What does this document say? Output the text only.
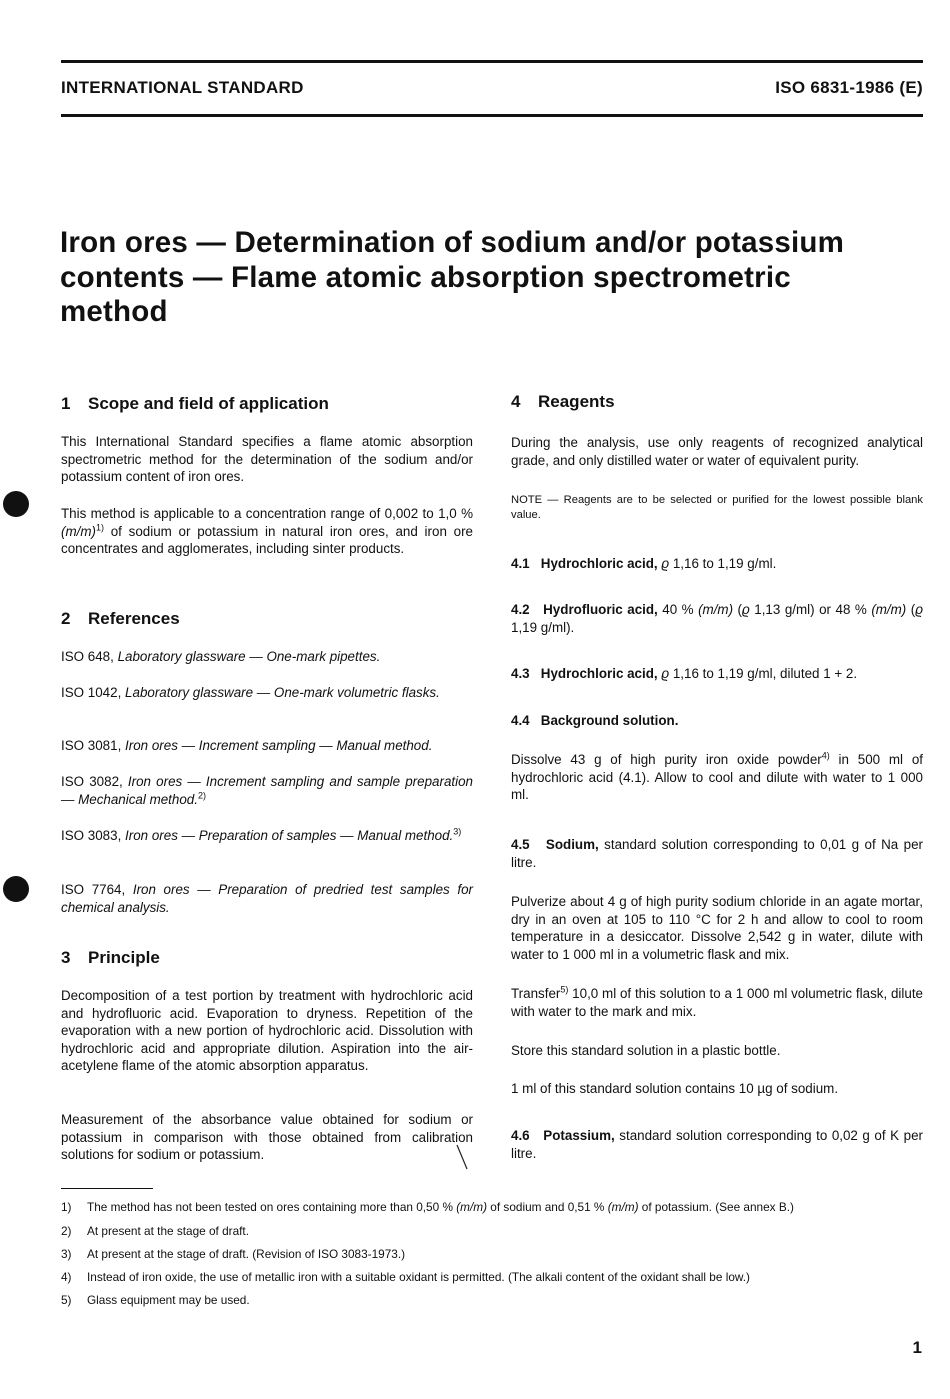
INTERNATIONAL STANDARD	ISO 6831-1986 (E)
Iron ores — Determination of sodium and/or potassium
contents — Flame atomic absorption spectrometric
method
1 Scope and field of application

This International Standard specifies a flame atomic absorption spectrometric method for the determination of the sodium and/or potassium content of iron ores.

This method is applicable to a concentration range of 0,002 to 1,0 % $(m/m)^{1)}$ of sodium or potassium in natural iron ores, and iron ore concentrates and agglomerates, including sinter products.

2 References

ISO 648, Laboratory glassware — One-mark pipettes.

ISO 1042, Laboratory glassware — One-mark volumetric flasks.

ISO 3081, Iron ores — Increment sampling — Manual method.

ISO 3082, Iron ores — Increment sampling and sample preparation — Mechanical method.$^{2)}$

ISO 3083, Iron ores — Preparation of samples — Manual method.$^{3)}$

ISO 7764, Iron ores — Preparation of predried test samples for chemical analysis.

3 Principle

Decomposition of a test portion by treatment with hydrochloric acid and hydrofluoric acid. Evaporation to dryness. Repetition of the evaporation with a new portion of hydrochloric acid. Dissolution with hydrochloric acid and appropriate dilution. Aspiration into the air-acetylene flame of the atomic absorption apparatus.

Measurement of the absorbance value obtained for sodium or potassium in comparison with those obtained from calibration solutions for sodium or potassium.

4 Reagents

During the analysis, use only reagents of recognized analytical grade, and only distilled water or water of equivalent purity.

NOTE — Reagents are to be selected or purified for the lowest possible blank value.

4.1 Hydrochloric acid, ϱ 1,16 to 1,19 g/ml.

4.2 Hydrofluoric acid, 40 % (m/m) (ϱ 1,13 g/ml) or 48 % (m/m) (ϱ 1,19 g/ml).

4.3 Hydrochloric acid, ϱ 1,16 to 1,19 g/ml, diluted 1 + 2.

4.4 Background solution.

Dissolve 43 g of high purity iron oxide powder$^{4)}$ in 500 ml of hydrochloric acid (4.1). Allow to cool and dilute with water to 1 000 ml.

4.5 Sodium, standard solution corresponding to 0,01 g of Na per litre.

Pulverize about 4 g of high purity sodium chloride in an agate mortar, dry in an oven at 105 to 110 °C for 2 h and allow to cool to room temperature in a desiccator. Dissolve 2,542 g in water, dilute with water to 1 000 ml in a volumetric flask and mix.

Transfer$^{5)}$ 10,0 ml of this solution to a 1 000 ml volumetric flask, dilute with water to the mark and mix.

Store this standard solution in a plastic bottle.

1 ml of this standard solution contains 10 µg of sodium.

4.6 Potassium, standard solution corresponding to 0,02 g of K per litre.

1) The method has not been tested on ores containing more than 0,50 % (m/m) of sodium and 0,51 % (m/m) of potassium. (See annex B.)
2) At present at the stage of draft.
3) At present at the stage of draft. (Revision of ISO 3083-1973.)
4) Instead of iron oxide, the use of metallic iron with a suitable oxidant is permitted. (The alkali content of the oxidant shall be low.)
5) Glass equipment may be used.
1
